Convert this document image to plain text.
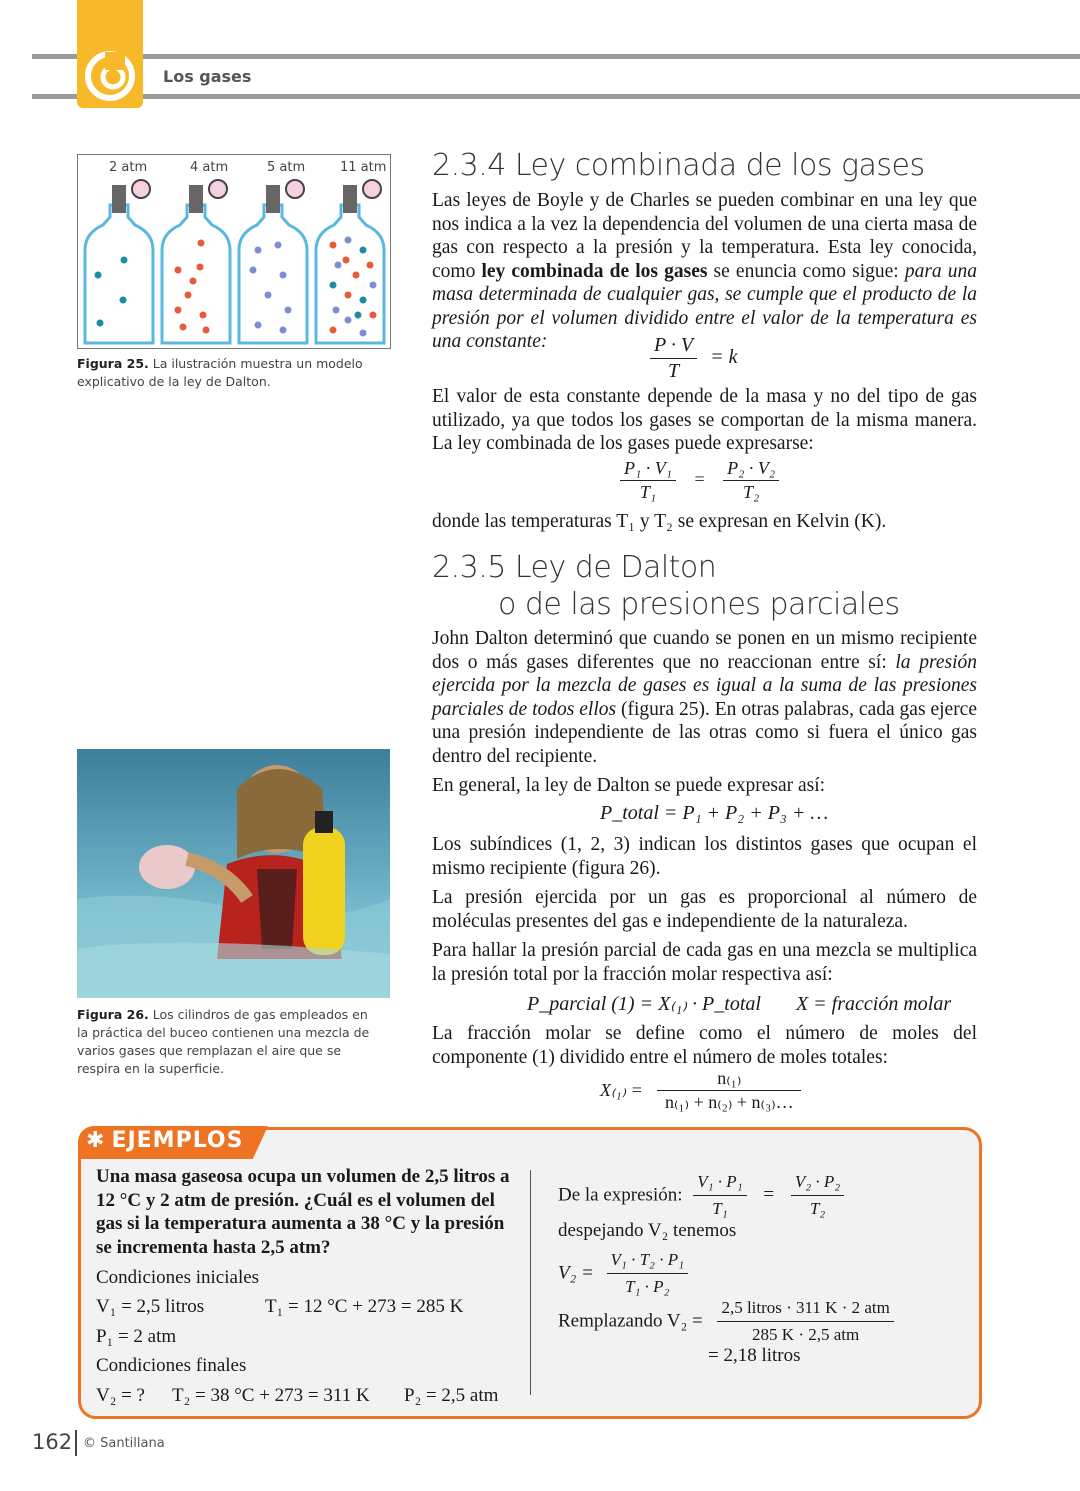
Los gases
2 atm	4 atm	5 atm	11 atm
Figura 25. La ilustración muestra un modelo explicativo de la ley de Dalton.
Figura 26. Los cilindros de gas empleados en la práctica del buceo contienen una mezcla de varios gases que remplazan el aire que se respira en la superficie.
2.3.4 Ley combinada de los gases

Las leyes de Boyle y de Charles se pueden combinar en una ley que nos indica a la vez la dependencia del volumen de una cierta masa de gas con respecto a la presión y la temperatura. Esta ley conocida, como ley combinada de los gases se enuncia como sigue: para una masa determinada de cualquier gas, se cumple que el producto de la presión por el volumen dividido entre el valor de la temperatura es una constante:	$\frac{P \cdot V}{T} = k$

El valor de esta constante depende de la masa y no del tipo de gas utilizado, ya que todos los gases se comportan de la misma manera. La ley combinada de los gases puede expresarse:

$\frac{\text{P₁ · V₁}}{\text{T₁}} = \frac{\text{P₂ · V₂}}{\text{T₂}}$

donde las temperaturas T₁ y T₂ se expresan en Kelvin (K).

2.3.5 Ley de Dalton
o de las presiones parciales

John Dalton determinó que cuando se ponen en un mismo recipiente dos o más gases diferentes que no reaccionan entre sí: la presión ejercida por la mezcla de gases es igual a la suma de las presiones parciales de todos ellos (figura 25). En otras palabras, cada gas ejerce una presión independiente de las otras como si fuera el único gas dentro del recipiente.

En general, la ley de Dalton se puede expresar así:

P_total = P₁ + P₂ + P₃ + …

Los subíndices (1, 2, 3) indican los distintos gases que ocupan el mismo recipiente (figura 26).

La presión ejercida por un gas es proporcional al número de moléculas presentes del gas e independiente de la naturaleza.

Para hallar la presión parcial de cada gas en una mezcla se multiplica la presión total por la fracción molar respectiva así:

P_parcial (1) = X₍₁₎ · P_total X = fracción molar

La fracción molar se define como el número de moles del componente (1) dividido entre el número de moles totales:

$X_{(1)} = \frac{\text{n₍₁₎}}{\text{n₍₁₎ + n₍₂₎ + n₍₃₎…}}$
✱ EJEMPLOS
Una masa gaseosa ocupa un volumen de 2,5 litros a 12 °C y 2 atm de presión. ¿Cuál es el volumen del gas si la temperatura aumenta a 38 °C y la presión se incrementa hasta 2,5 atm?
Condiciones iniciales
V₁ = 2,5 litros	T₁ = 12 °C + 273 = 285 K
P₁ = 2 atm
Condiciones finales
V₂ = ? T₂ = 38 °C + 273 = 311 K P₂ = 2,5 atm
De la expresión: $\frac{\text{V₁ · P₁}}{\text{T₁}} = \frac{\text{V₂ · P₂}}{\text{T₂}}$
despejando V₂ tenemos
$V_2 = \frac{\text{V₁ · T₂ · P₁}}{\text{T₁ · P₂}}$
Remplazando $V_2 = \frac{\text{2,5 litros · 311 K · 2 atm}}{\text{285 K · 2,5 atm}}$
= 2,18 litros
162 © Santillana
